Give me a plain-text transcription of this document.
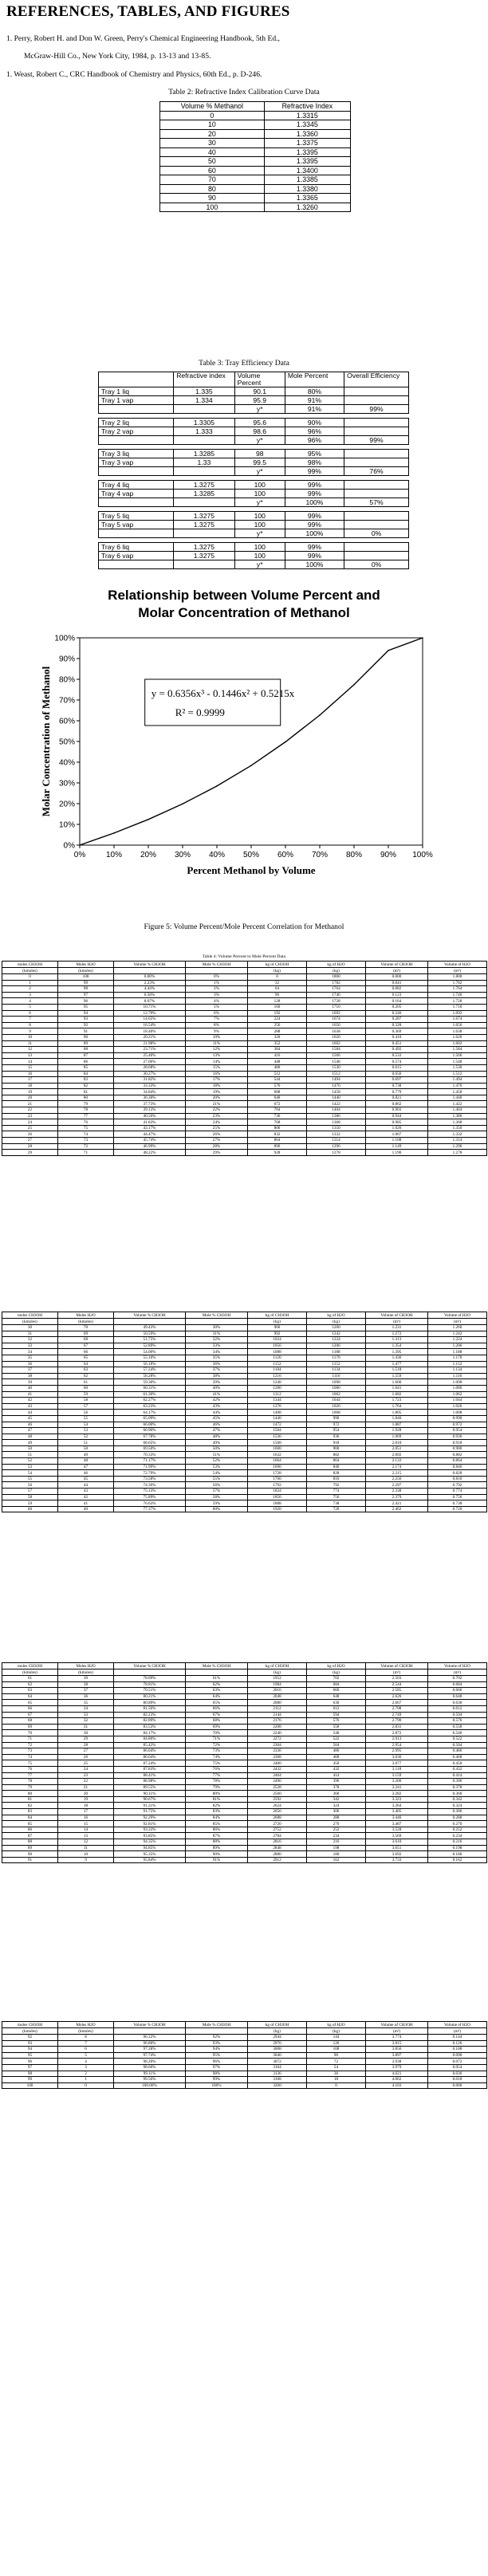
REFERENCES, TABLES, AND FIGURES
1. Perry, Robert H. and Don W. Green, Perry's Chemical Engineering Handbook, 5th Ed.,
McGraw-Hill Co., New York City, 1984, p. 13-13 and 13-85.
1. Weast, Robert C., CRC Handbook of Chemistry and Physics, 60th Ed., p. D-246.
Table 2: Refractive Index Calibration Curve Data
Volume % Methanol	Refractive Index
0	1.3315
10	1.3345
20	1.3360
30	1.3375
40	1.3395
50	1.3395
60	1.3400
70	1.3385
80	1.3380
90	1.3365
100	1.3260
Table 3: Tray Efficiency Data
	Refractive index	Volume Percent	Mole Percent	Overall Efficiency
Tray 1 liq	1.335	90.1	80%	
Tray 1 vap	1.334	95.9	91%	
		y*	91%	99%

Tray 2 liq	1.3305	95.6	90%	
Tray 2 vap	1.333	98.6	96%	
		y*	96%	99%

Tray 3 liq	1.3285	98	95%	
Tray 3 vap	1.33	99.5	98%	
		y*	99%	76%

Tray 4 liq	1.3275	100	99%	
Tray 4 vap	1.3285	100	99%	
		y*	100%	57%

Tray 5 liq	1.3275	100	99%	
Tray 5 vap	1.3275	100	99%	
		y*	100%	0%

Tray 6 liq	1.3275	100	99%	
Tray 6 vap	1.3275	100	99%	
		y*	100%	0%
Relationship between Volume Percent and
Molar Concentration of Methanol
0%	10% 20% 30% 40% 50% 60% 70% 80% 90% 100%
0%
10%
20%
30%
40%
50%
60%
70%
80%
90%
100%
y = 0.6356x³ - 0.1446x² + 0.5215x
R² = 0.9999
Percent Methanol by Volume
Molar Concentration of Methanol
Figure 5: Volume Percent/Mole Percent Correlation for Methanol
Table 4: Volume Percent to Mole Percent Data
moles CH3OH	Moles H2O	Volume % CH3OH	Mole % CH3OH	kg of CH3OH	kg of H2O	Volume of CH3OH	Volume of H2O
(kmoles)	(kmoles)			(kg)	(kg)	(m³)	(m³)
0	100	0.00%	0%	0	1800	0.000	1.800
1	99	2.23%	1%	32	1782	0.041	1.782
2	98	4.44%	2%	64	1764	0.082	1.764
3	97	6.58%	3%	96	1746	0.123	1.746
4	96	8.67%	4%	128	1728	0.164	1.728
5	95	10.71%	5%	160	1710	0.205	1.710
6	94	12.70%	6%	192	1692	0.246	1.692
7	93	14.65%	7%	224	1674	0.287	1.674
8	92	16.54%	8%	256	1656	0.328	1.656
9	91	18.40%	9%	288	1638	0.369	1.638
10	90	20.21%	10%	320	1620	0.410	1.620
11	89	21.98%	11%	352	1602	0.451	1.602
12	88	23.71%	12%	384	1584	0.492	1.584
13	87	25.40%	13%	416	1566	0.533	1.566
14	86	27.06%	14%	448	1548	0.574	1.548
15	85	28.68%	15%	480	1530	0.615	1.530
16	84	30.27%	16%	512	1512	0.656	1.512
17	83	31.82%	17%	544	1494	0.697	1.494
18	82	33.33%	18%	576	1476	0.738	1.476
19	81	34.84%	19%	608	1458	0.779	1.458
20	80	36.30%	20%	640	1440	0.821	1.440
21	79	37.73%	21%	672	1422	0.862	1.422
22	78	39.13%	22%	704	1404	0.903	1.404
23	77	40.50%	23%	736	1386	0.944	1.386
24	76	41.83%	24%	768	1368	0.985	1.368
25	75	43.17%	25%	800	1350	1.026	1.350
26	74	44.47%	26%	832	1332	1.067	1.332
27	73	45.74%	27%	864	1314	1.108	1.314
28	72	46.99%	28%	896	1296	1.149	1.296
29	71	48.22%	29%	928	1278	1.190	1.278
moles CH3OH	Moles H2O	Volume % CH3OH	Mole % CH3OH	kg of CH3OH	kg of H2O	Volume of CH3OH	Volume of H2O
(kmoles)	(kmoles)			(kg)	(kg)	(m³)	(m³)
30	70	49.43%	30%	960	1260	1.231	1.260
31	69	50.59%	31%	992	1242	1.272	1.242
32	68	51.75%	32%	1024	1224	1.313	1.224
33	67	52.89%	33%	1056	1206	1.354	1.206
34	66	54.00%	34%	1088	1188	1.395	1.188
35	65	55.10%	35%	1120	1170	1.436	1.170
36	64	56.18%	36%	1152	1152	1.477	1.152
37	63	57.24%	37%	1184	1134	1.518	1.134
38	62	58.28%	38%	1216	1116	1.559	1.116
39	61	59.30%	39%	1248	1098	1.600	1.098
40	60	60.31%	40%	1280	1080	1.641	1.080
41	59	61.30%	41%	1312	1062	1.682	1.062
42	58	62.27%	42%	1344	1044	1.723	1.044
43	57	63.23%	43%	1376	1026	1.764	1.026
44	56	64.17%	44%	1408	1008	1.805	1.008
45	55	65.09%	45%	1440	990	1.846	0.990
46	54	66.00%	46%	1472	972	1.887	0.972
47	53	66.90%	47%	1504	954	1.928	0.954
48	52	67.78%	48%	1536	936	1.969	0.936
49	51	68.65%	49%	1568	918	2.010	0.918
50	50	69.50%	50%	1600	900	2.051	0.900
51	49	70.33%	51%	1632	882	2.092	0.882
52	48	71.17%	52%	1664	864	2.133	0.864
53	47	71.99%	53%	1696	846	2.174	0.846
54	46	72.79%	54%	1728	828	2.215	0.828
55	45	73.58%	55%	1760	810	2.256	0.810
56	44	74.36%	56%	1792	792	2.297	0.792
57	43	75.13%	57%	1824	774	2.338	0.774
58	42	75.89%	58%	1856	756	2.379	0.756
59	41	76.63%	59%	1888	738	2.421	0.738
60	40	77.37%	60%	1920	720	2.462	0.720
moles CH3OH	Moles H2O	Volume % CH3OH	Mole % CH3OH	kg of CH3OH	kg of H2O	Volume of CH3OH	Volume of H2O
(kmoles)	(kmoles)			(kg)	(kg)	(m³)	(m³)
61	39	78.09%	61%	1952	702	2.503	0.702
62	38	78.81%	62%	1984	684	2.544	0.684
63	37	79.51%	63%	2016	666	2.585	0.666
64	36	80.21%	64%	2048	648	2.626	0.648
65	35	80.89%	65%	2080	630	2.667	0.630
66	34	81.56%	66%	2112	612	2.708	0.612
67	33	82.23%	67%	2144	594	2.749	0.594
68	32	82.89%	68%	2176	576	2.790	0.576
69	31	83.53%	69%	2208	558	2.831	0.558
70	30	84.17%	70%	2240	540	2.872	0.540
71	29	84.80%	71%	2272	522	2.913	0.522
72	28	85.42%	72%	2304	504	2.954	0.504
73	27	86.04%	73%	2336	486	2.995	0.486
74	26	86.64%	74%	2368	468	3.036	0.468
75	25	87.24%	75%	2400	450	3.077	0.450
76	24	87.83%	76%	2432	432	3.118	0.432
77	23	88.41%	77%	2464	414	3.159	0.414
78	22	88.98%	78%	2496	396	3.200	0.396
79	21	89.55%	79%	2528	378	3.241	0.378
80	20	90.11%	80%	2560	360	3.282	0.360
81	19	90.67%	81%	2592	342	3.323	0.342
82	18	91.21%	82%	2624	324	3.364	0.324
83	17	91.75%	83%	2656	306	3.405	0.306
84	16	92.29%	84%	2688	288	3.446	0.288
85	15	92.81%	85%	2720	270	3.487	0.270
86	14	93.33%	86%	2752	252	3.528	0.252
87	13	93.85%	87%	2784	234	3.569	0.234
88	12	94.35%	88%	2816	216	3.610	0.216
89	11	94.85%	89%	2848	198	3.651	0.198
90	10	95.35%	90%	2880	180	3.692	0.180
91	9	95.84%	91%	2912	162	3.733	0.162
moles CH3OH	Moles H2O	Volume % CH3OH	Mole % CH3OH	kg of CH3OH	kg of H2O	Volume of CH3OH	Volume of H2O
(kmoles)	(kmoles)			(kg)	(kg)	(m³)	(m³)
92	8	96.32%	92%	2944	144	3.774	0.144
93	7	96.80%	93%	2976	126	3.815	0.126
94	6	97.28%	94%	3008	108	3.856	0.108
95	5	97.74%	95%	3040	90	3.897	0.090
96	4	98.20%	96%	3072	72	3.938	0.072
97	3	98.66%	97%	3104	54	3.979	0.054
98	2	99.11%	98%	3136	36	4.021	0.036
99	1	99.56%	99%	3168	18	4.062	0.018
100	0	100.00%	100%	3200	0	4.103	0.000
